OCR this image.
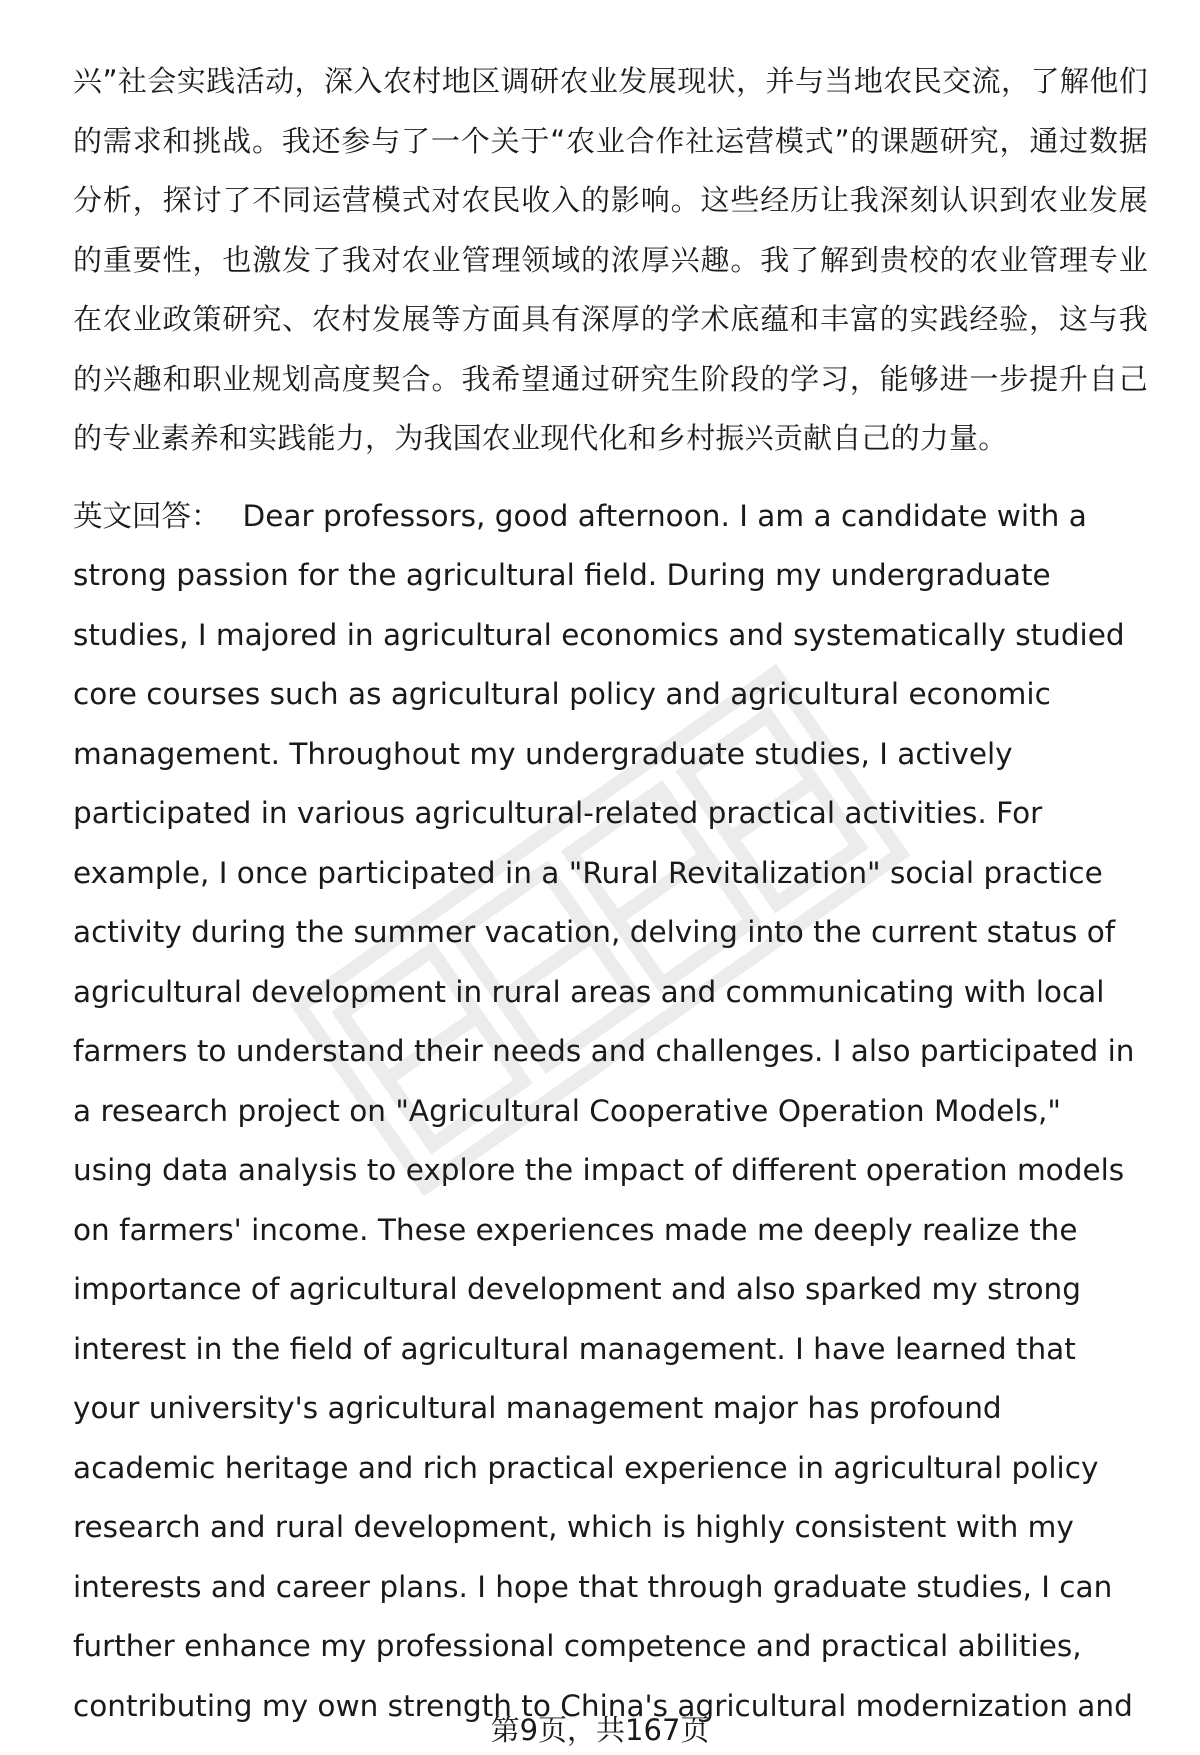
兴”社会实践活动，深入农村地区调研农业发展现状，并与当地农民交流，了解他们的需求和挑战。我还参与了一个关于“农业合作社运营模式”的课题研究，通过数据分析，探讨了不同运营模式对农民收入的影响。这些经历让我深刻认识到农业发展的重要性，也激发了我对农业管理领域的浓厚兴趣。我了解到贵校的农业管理专业在农业政策研究、农村发展等方面具有深厚的学术底蕴和丰富的实践经验，这与我的兴趣和职业规划高度契合。我希望通过研究生阶段的学习，能够进一步提升自己的专业素养和实践能力，为我国农业现代化和乡村振兴贡献自己的力量。

英文回答： Dear professors, good afternoon. I am a candidate with a strong passion for the agricultural field. During my undergraduate studies, I majored in agricultural economics and systematically studied core courses such as agricultural policy and agricultural economic management. Throughout my undergraduate studies, I actively participated in various agricultural-related practical activities. For example, I once participated in a "Rural Revitalization" social practice activity during the summer vacation, delving into the current status of agricultural development in rural areas and communicating with local farmers to understand their needs and challenges. I also participated in a research project on "Agricultural Cooperative Operation Models," using data analysis to explore the impact of different operation models on farmers' income. These experiences made me deeply realize the importance of agricultural development and also sparked my strong interest in the field of agricultural management. I have learned that your university's agricultural management major has profound academic heritage and rich practical experience in agricultural policy research and rural development, which is highly consistent with my interests and career plans. I hope that through graduate studies, I can further enhance my professional competence and practical abilities, contributing my own strength to China's agricultural modernization and

第9页，共167页
